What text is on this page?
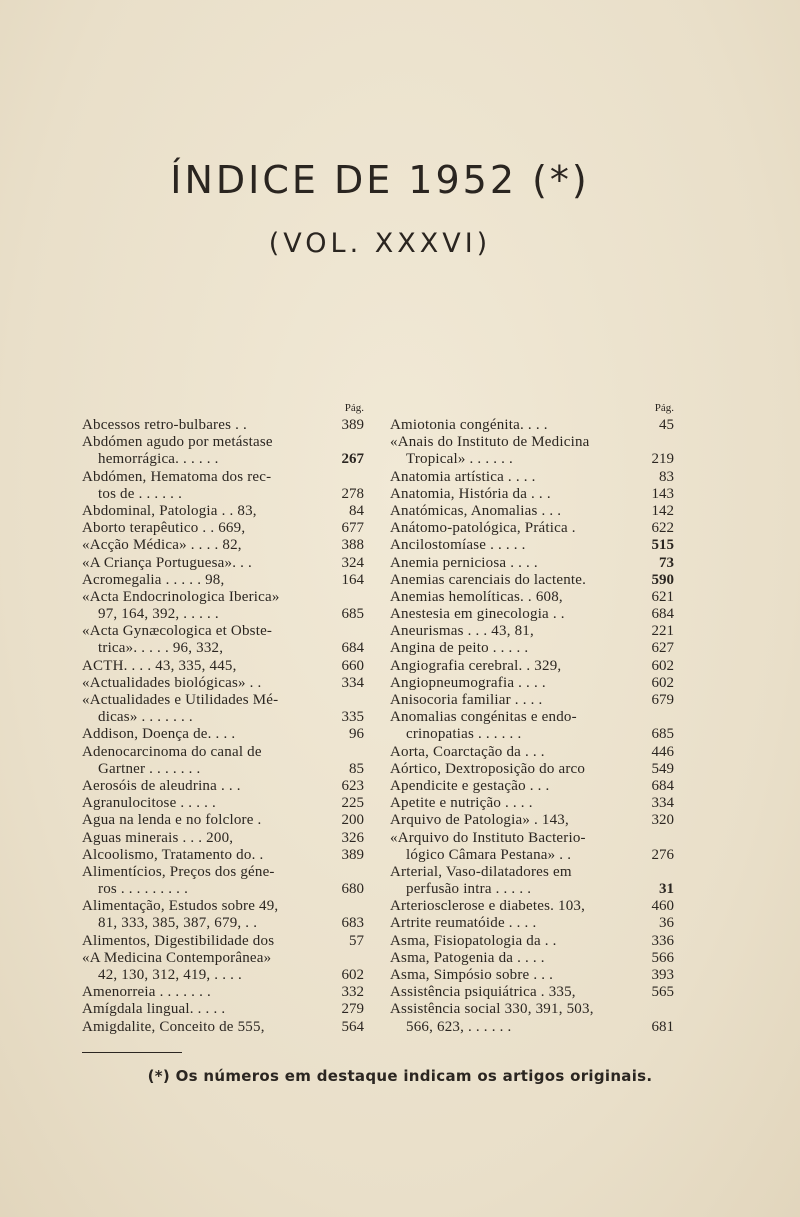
ÍNDICE DE 1952 (*)
(VOL. XXXVI)
Pág.
Abcessos retro-bulbares . .	389
Abdómen agudo por metástase
hemorrágica. . . . . .	267
Abdómen, Hematoma dos rec-
tos de . . . . . .	278
Abdominal, Patologia . . 83,	84
Aborto terapêutico . . 669,	677
«Acção Médica» . . . . 82,	388
«A Criança Portuguesa». . .	324
Acromegalia . . . . . 98,	164
«Acta Endocrinologica Iberica»
97, 164, 392, . . . . .	685
«Acta Gynæcologica et Obste-
trica». . . . . 96, 332,	684
ACTH. . . . 43, 335, 445,	660
«Actualidades biológicas» . .	334
«Actualidades e Utilidades Mé-
dicas» . . . . . . .	335
Addison, Doença de. . . .	96
Adenocarcinoma do canal de
Gartner . . . . . . .	85
Aerosóis de aleudrina . . .	623
Agranulocitose . . . . .	225
Agua na lenda e no folclore .	200
Aguas minerais . . . 200,	326
Alcoolismo, Tratamento do. .	389
Alimentícios, Preços dos géne-
ros . . . . . . . . .	680
Alimentação, Estudos sobre 49,
81, 333, 385, 387, 679, . .	683
Alimentos, Digestibilidade dos	57
«A Medicina Contemporânea»
42, 130, 312, 419, . . . .	602
Amenorreia . . . . . . .	332
Amígdala lingual. . . . .	279
Amigdalite, Conceito de 555,	564
Pág.
Amiotonia congénita. . . .	45
«Anais do Instituto de Medicina
Tropical» . . . . . .	219
Anatomia artística . . . .	83
Anatomia, História da . . .	143
Anatómicas, Anomalias . . .	142
Anátomo-patológica, Prática .	622
Ancilostomíase . . . . .	515
Anemia perniciosa . . . .	73
Anemias carenciais do lactente.	590
Anemias hemolíticas. . 608,	621
Anestesia em ginecologia . .	684
Aneurismas . . . 43, 81,	221
Angina de peito . . . . .	627
Angiografia cerebral. . 329,	602
Angiopneumografia . . . .	602
Anisocoria familiar . . . .	679
Anomalias congénitas e endo-
crinopatias . . . . . .	685
Aorta, Coarctação da . . .	446
Aórtico, Dextroposição do arco	549
Apendicite e gestação . . .	684
Apetite e nutrição . . . .	334
Arquivo de Patologia» . 143,	320
«Arquivo do Instituto Bacterio-
lógico Câmara Pestana» . .	276
Arterial, Vaso-dilatadores em
perfusão intra . . . . .	31
Arteriosclerose e diabetes. 103,	460
Artrite reumatóide . . . .	36
Asma, Fisiopatologia da . .	336
Asma, Patogenia da . . . .	566
Asma, Simpósio sobre . . .	393
Assistência psiquiátrica . 335,	565
Assistência social 330, 391, 503,
566, 623, . . . . . .	681
(*) Os números em destaque indicam os artigos originais.
